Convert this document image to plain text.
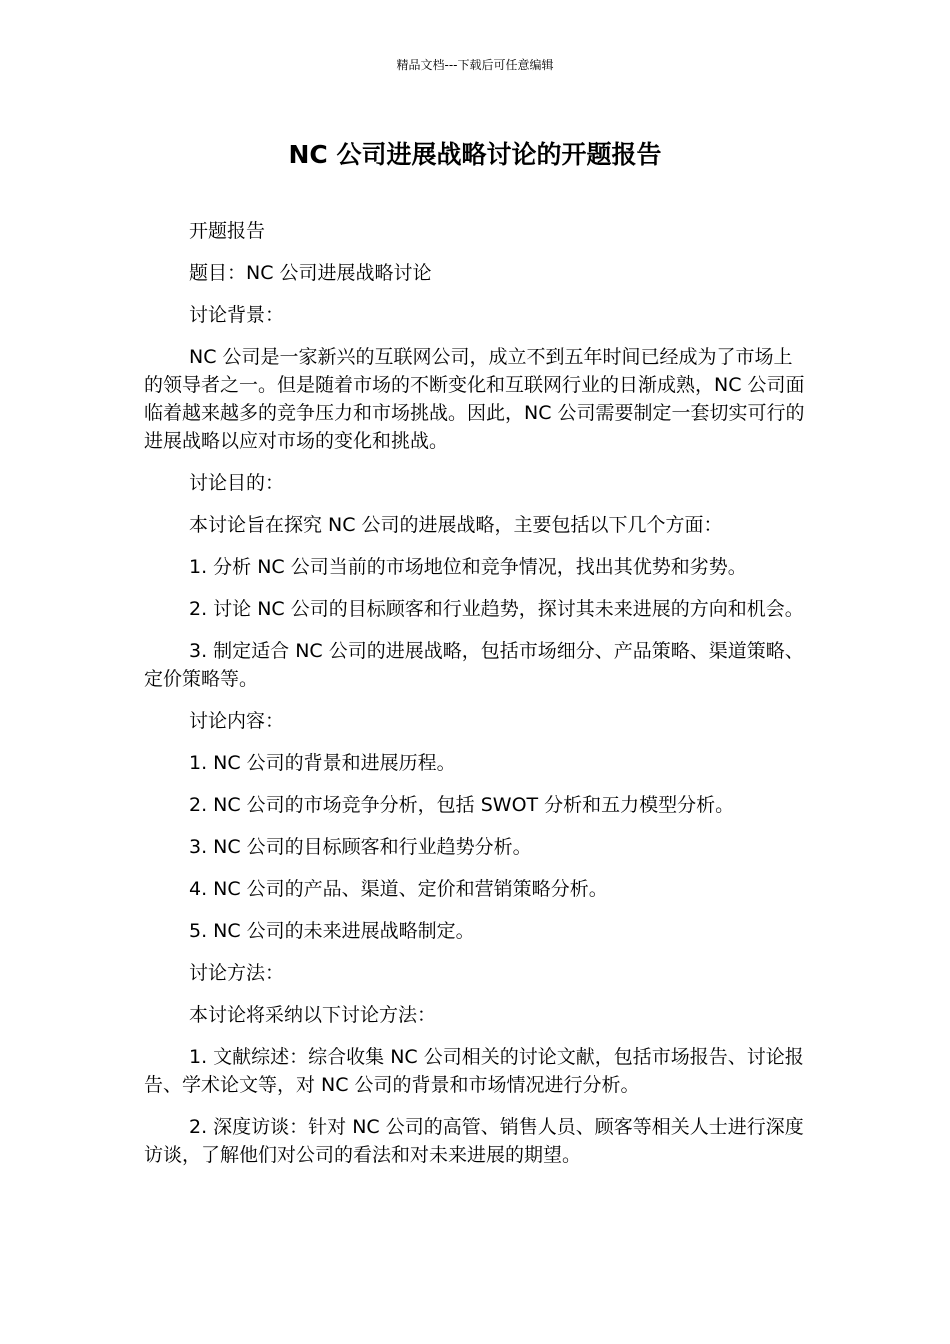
精品文档---下载后可任意编辑
NC 公司进展战略讨论的开题报告

开题报告

题目：NC 公司进展战略讨论

讨论背景：

NC 公司是一家新兴的互联网公司，成立不到五年时间已经成为了市场上的领导者之一。但是随着市场的不断变化和互联网行业的日渐成熟，NC 公司面临着越来越多的竞争压力和市场挑战。因此，NC 公司需要制定一套切实可行的进展战略以应对市场的变化和挑战。

讨论目的：

本讨论旨在探究 NC 公司的进展战略，主要包括以下几个方面：

1. 分析 NC 公司当前的市场地位和竞争情况，找出其优势和劣势。

2. 讨论 NC 公司的目标顾客和行业趋势，探讨其未来进展的方向和机会。

3. 制定适合 NC 公司的进展战略，包括市场细分、产品策略、渠道策略、定价策略等。

讨论内容：

1. NC 公司的背景和进展历程。

2. NC 公司的市场竞争分析，包括 SWOT 分析和五力模型分析。

3. NC 公司的目标顾客和行业趋势分析。

4. NC 公司的产品、渠道、定价和营销策略分析。

5. NC 公司的未来进展战略制定。

讨论方法：

本讨论将采纳以下讨论方法：

1. 文献综述：综合收集 NC 公司相关的讨论文献，包括市场报告、讨论报告、学术论文等，对 NC 公司的背景和市场情况进行分析。

2. 深度访谈：针对 NC 公司的高管、销售人员、顾客等相关人士进行深度访谈，了解他们对公司的看法和对未来进展的期望。
